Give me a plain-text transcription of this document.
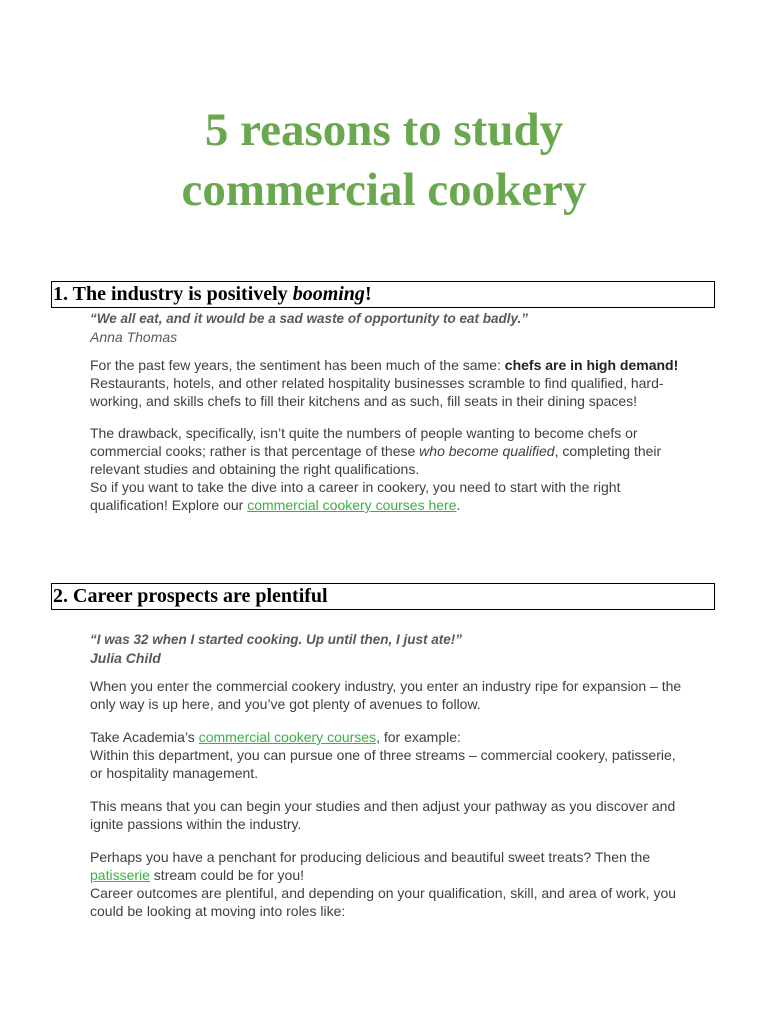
5 reasons to study
commercial cookery
1. The industry is positively booming!

“We all eat, and it would be a sad waste of opportunity to eat badly.”

Anna Thomas

For the past few years, the sentiment has been much of the same: chefs are in high demand!

Restaurants, hotels, and other related hospitality businesses scramble to find qualified, hard-working, and skills chefs to fill their kitchens and as such, fill seats in their dining spaces!

The drawback, specifically, isn’t quite the numbers of people wanting to become chefs or commercial cooks; rather is that percentage of these who become qualified, completing their relevant studies and obtaining the right qualifications.

So if you want to take the dive into a career in cookery, you need to start with the right qualification! Explore our commercial cookery courses here.

2. Career prospects are plentiful

“I was 32 when I started cooking. Up until then, I just ate!”

Julia Child

When you enter the commercial cookery industry, you enter an industry ripe for expansion – the only way is up here, and you’ve got plenty of avenues to follow.

Take Academia’s commercial cookery courses, for example:

Within this department, you can pursue one of three streams – commercial cookery, patisserie, or hospitality management.

This means that you can begin your studies and then adjust your pathway as you discover and ignite passions within the industry.

Perhaps you have a penchant for producing delicious and beautiful sweet treats? Then the patisserie stream could be for you!

Career outcomes are plentiful, and depending on your qualification, skill, and area of work, you could be looking at moving into roles like:
